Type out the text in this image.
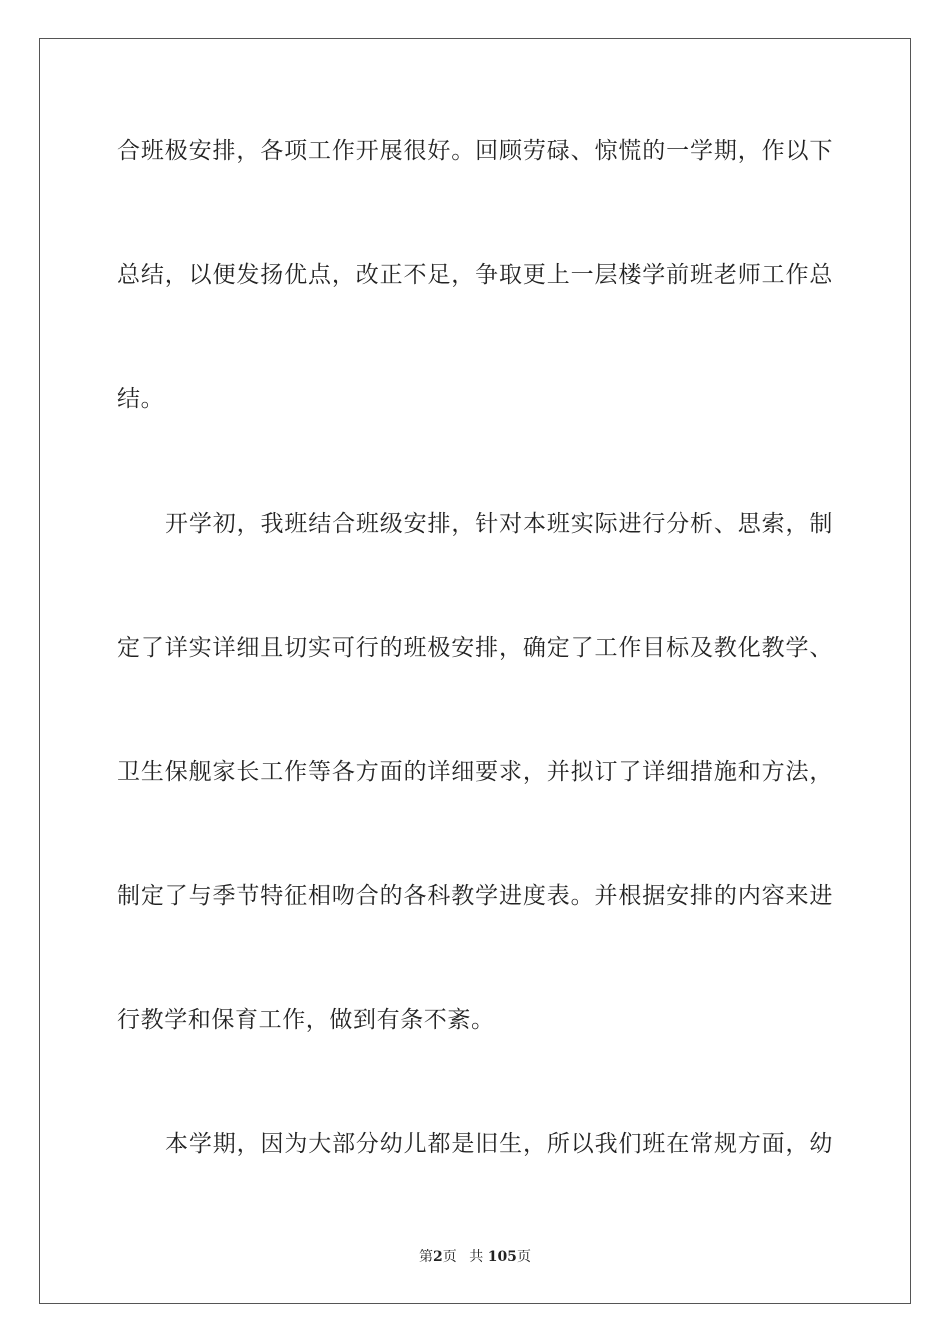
合班极安排，各项工作开展很好。回顾劳碌、惊慌的一学期，作以下
总结，以便发扬优点，改正不足，争取更上一层楼学前班老师工作总
结。
开学初，我班结合班级安排，针对本班实际进行分析、思索，制
定了详实详细且切实可行的班极安排，确定了工作目标及教化教学、
卫生保舰家长工作等各方面的详细要求，并拟订了详细措施和方法，
制定了与季节特征相吻合的各科教学进度表。并根据安排的内容来进
行教学和保育工作，做到有条不紊。
本学期，因为大部分幼儿都是旧生，所以我们班在常规方面，幼
第2页 共 105页
